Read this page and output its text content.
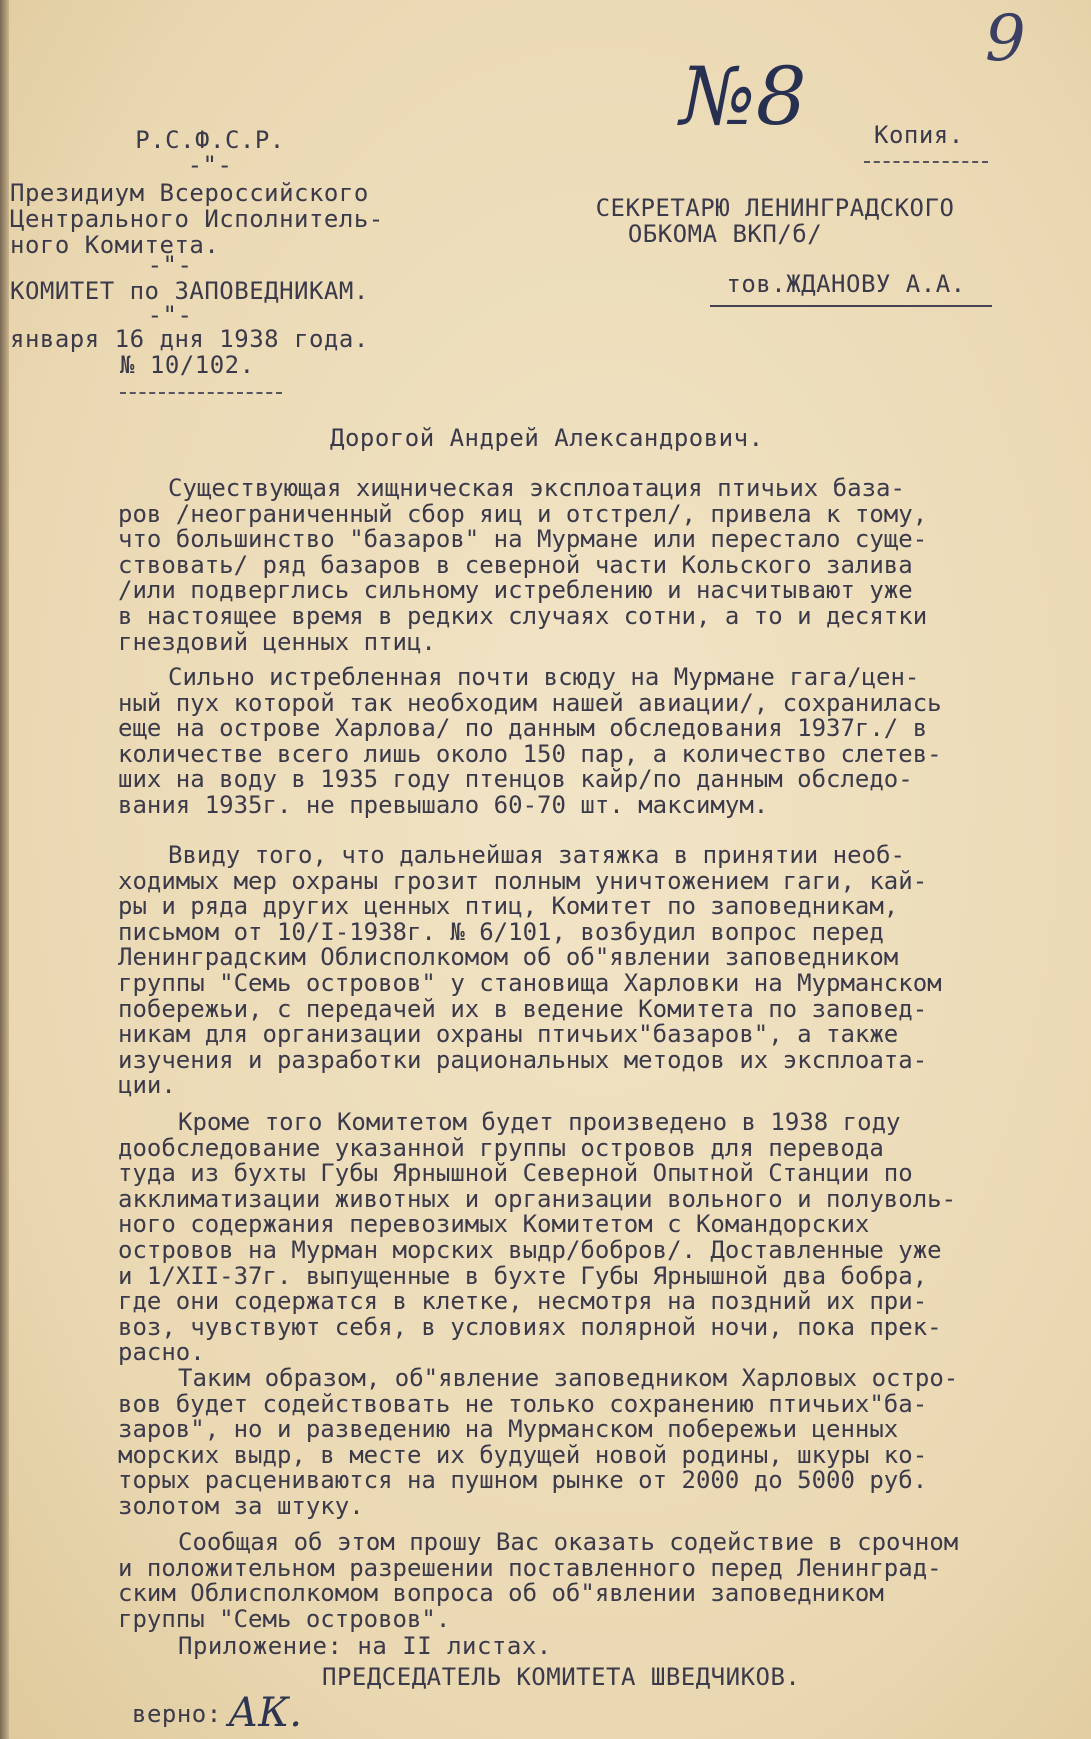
9
№8
Р.С.Ф.С.Р.
-"-
Президиум Всероссийского
Центрального Исполнитель-
ного Комитета.
-"-
КОМИТЕТ по ЗАПОВЕДНИКАМ.
-"-
января 16 дня 1938 года.
№ 10/102.
Копия.
СЕКРЕТАРЮ ЛЕНИНГРАДСКОГО
ОБКОМА ВКП/б/
тов.ЖДАНОВУ А.А.
Дорогой Андрей Александрович.
Существующая хищническая эксплоатация птичьих база-
ров /неограниченный сбор яиц и отстрел/, привела к тому,
что большинство "базаров" на Мурмане или перестало суще-
ствовать/ ряд базаров в северной части Кольского залива
/или подверглись сильному истреблению и насчитывают уже
в настоящее время в редких случаях сотни, а то и десятки
гнездовий ценных птиц.
Сильно истребленная почти всюду на Мурмане гага/цен-
ный пух которой так необходим нашей авиации/, сохранилась
еще на острове Харлова/ по данным обследования 1937г./ в
количестве всего лишь около 150 пар, а количество слетев-
ших на воду в 1935 году птенцов кайр/по данным обследо-
вания 1935г. не превышало 60-70 шт. максимум.
Ввиду того, что дальнейшая затяжка в принятии необ-
ходимых мер охраны грозит полным уничтожением гаги, кай-
ры и ряда других ценных птиц, Комитет по заповедникам,
письмом от 10/I-1938г. № 6/101, возбудил вопрос перед
Ленинградским Облисполкомом об об"явлении заповедником
группы "Семь островов" у становища Харловки на Мурманском
побережьи, с передачей их в ведение Комитета по заповед-
никам для организации охраны птичьих"базаров", а также
изучения и разработки рациональных методов их эксплоата-
ции.
Кроме того Комитетом будет произведено в 1938 году
дообследование указанной группы островов для перевода
туда из бухты Губы Ярнышной Северной Опытной Станции по
акклиматизации животных и организации вольного и полуволь-
ного содержания перевозимых Комитетом с Командорских
островов на Мурман морских выдр/бобров/. Доставленные уже
и 1/XII-37г. выпущенные в бухте Губы Ярнышной два бобра,
где они содержатся в клетке, несмотря на поздний их при-
воз, чувствуют себя, в условиях полярной ночи, пока прек-
расно.
Таким образом, об"явление заповедником Харловых остро-
вов будет содействовать не только сохранению птичьих"ба-
заров", но и разведению на Мурманском побережьи ценных
морских выдр, в месте их будущей новой родины, шкуры ко-
торых расцениваются на пушном рынке от 2000 до 5000 руб.
золотом за штуку.
Сообщая об этом прошу Вас оказать содействие в срочном
и положительном разрешении поставленного перед Ленинград-
ским Облисполкомом вопроса об об"явлении заповедником
группы "Семь островов".
Приложение: на II листах.
ПРЕДСЕДАТЕЛЬ КОМИТЕТА ШВЕДЧИКОВ.
верно: АК.
